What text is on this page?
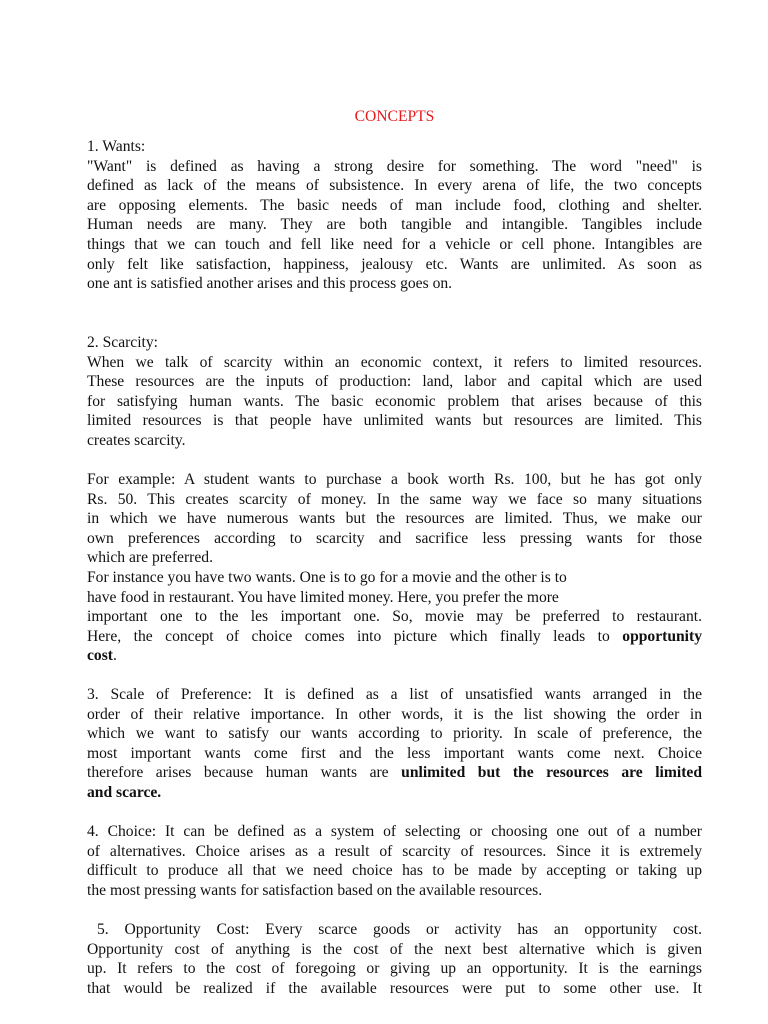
CONCEPTS

1. Wants:

"Want" is defined as having a strong desire for something. The word "need" is
defined as lack of the means of subsistence. In every arena of life, the two concepts
are opposing elements. The basic needs of man include food, clothing and shelter.
Human needs are many. They are both tangible and intangible. Tangibles include
things that we can touch and fell like need for a vehicle or cell phone. Intangibles are
only felt like satisfaction, happiness, jealousy etc. Wants are unlimited. As soon as
one ant is satisfied another arises and this process goes on.

2. Scarcity:

When we talk of scarcity within an economic context, it refers to limited resources.
These resources are the inputs of production: land, labor and capital which are used
for satisfying human wants. The basic economic problem that arises because of this
limited resources is that people have unlimited wants but resources are limited. This
creates scarcity.

For example: A student wants to purchase a book worth Rs. 100, but he has got only
Rs. 50. This creates scarcity of money. In the same way we face so many situations
in which we have numerous wants but the resources are limited. Thus, we make our
own preferences according to scarcity and sacrifice less pressing wants for those
which are preferred.
For instance you have two wants. One is to go for a movie and the other is to
have food in restaurant. You have limited money. Here, you prefer the more
important one to the les important one. So, movie may be preferred to restaurant.
Here, the concept of choice comes into picture which finally leads to opportunity
cost.
3. Scale of Preference: It is defined as a list of unsatisfied wants arranged in the
order of their relative importance. In other words, it is the list showing the order in
which we want to satisfy our wants according to priority. In scale of preference, the
most important wants come first and the less important wants come next. Choice
therefore arises because human wants are unlimited but the resources are limited
and scarce.
4. Choice: It can be defined as a system of selecting or choosing one out of a number
of alternatives. Choice arises as a result of scarcity of resources. Since it is extremely
difficult to produce all that we need choice has to be made by accepting or taking up
the most pressing wants for satisfaction based on the available resources.
5. Opportunity Cost: Every scarce goods or activity has an opportunity cost.
Opportunity cost of anything is the cost of the next best alternative which is given
up. It refers to the cost of foregoing or giving up an opportunity. It is the earnings
that would be realized if the available resources were put to some other use. It
